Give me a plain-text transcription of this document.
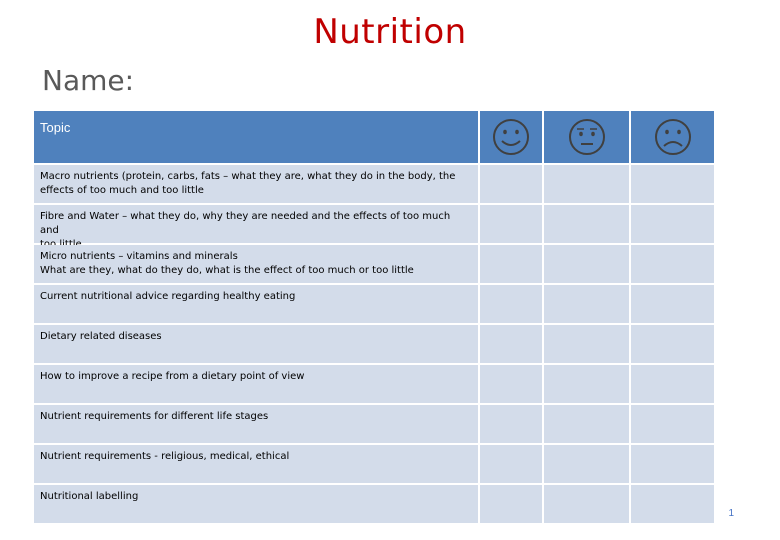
Nutrition
Name:
Topic
Macro nutrients (protein, carbs, fats – what they are, what they do in the body, the
effects of too much and too little
Fibre and Water – what they do, why they are needed and the effects of too much and

Micro nutrients – vitamins and minerals
What are they, what do they do, what is the effect of too much or too little
Current nutritional advice regarding healthy eating
Dietary related diseases
How to improve a recipe from a dietary point of view
Nutrient requirements for different life stages
Nutrient requirements - religious, medical, ethical
Nutritional labelling
1
